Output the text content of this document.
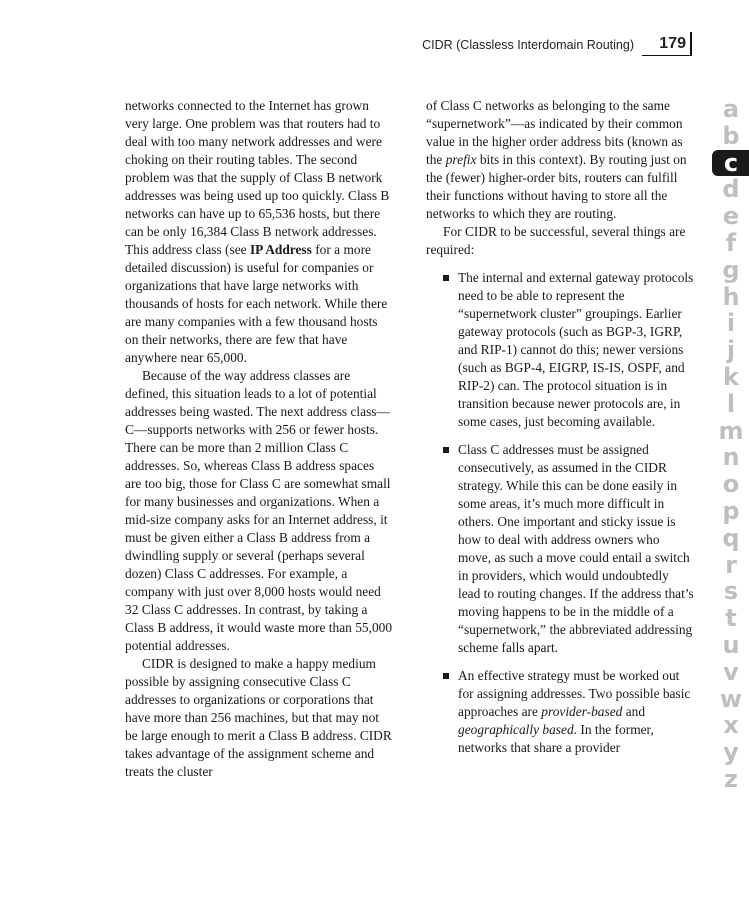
CIDR (Classless Interdomain Routing) 179

networks connected to the Internet has grown very large. One problem was that routers had to deal with too many network addresses and were choking on their routing tables. The second problem was that the supply of Class B network addresses was being used up too quickly. Class B networks can have up to 65,536 hosts, but there can be only 16,384 Class B network addresses. This address class (see IP Address for a more detailed discussion) is useful for companies or organizations that have large networks with thousands of hosts for each network. While there are many companies with a few thousand hosts on their networks, there are few that have anywhere near 65,000.

Because of the way address classes are defined, this situation leads to a lot of potential addresses being wasted. The next address class—C—supports networks with 256 or fewer hosts. There can be more than 2 million Class C addresses. So, whereas Class B address spaces are too big, those for Class C are somewhat small for many businesses and organizations. When a mid-size company asks for an Internet address, it must be given either a Class B address from a dwindling supply or several (perhaps several dozen) Class C addresses. For example, a company with just over 8,000 hosts would need 32 Class C addresses. In contrast, by taking a Class B address, it would waste more than 55,000 potential addresses.

CIDR is designed to make a happy medium possible by assigning consecutive Class C addresses to organizations or corporations that have more than 256 machines, but that may not be large enough to merit a Class B address. CIDR takes advantage of the assignment scheme and treats the cluster

of Class C networks as belonging to the same “supernetwork”—as indicated by their common value in the higher order address bits (known as the prefix bits in this context). By routing just on the (fewer) higher-order bits, routers can fulfill their functions without having to store all the networks to which they are routing.

For CIDR to be successful, several things are required:

The internal and external gateway protocols need to be able to represent the “supernetwork cluster” groupings. Earlier gateway protocols (such as BGP-3, IGRP, and RIP-1) cannot do this; newer versions (such as BGP-4, EIGRP, IS-IS, OSPF, and RIP-2) can. The protocol situation is in transition because newer protocols are, in some cases, just becoming available.
Class C addresses must be assigned consecutively, as assumed in the CIDR strategy. While this can be done easily in some areas, it’s much more difficult in others. One important and sticky issue is how to deal with address owners who move, as such a move could entail a switch in providers, which would undoubtedly lead to routing changes. If the address that’s moving happens to be in the middle of a “supernetwork,” the abbreviated addressing scheme falls apart.
An effective strategy must be worked out for assigning addresses. Two possible basic approaches are provider-based and geographically based. In the former, networks that share a provider
a
b
c
d
e
f
g
h
i
j
k
l
m
n
o
p
q
r
s
t
u
v
w
x
y
z
